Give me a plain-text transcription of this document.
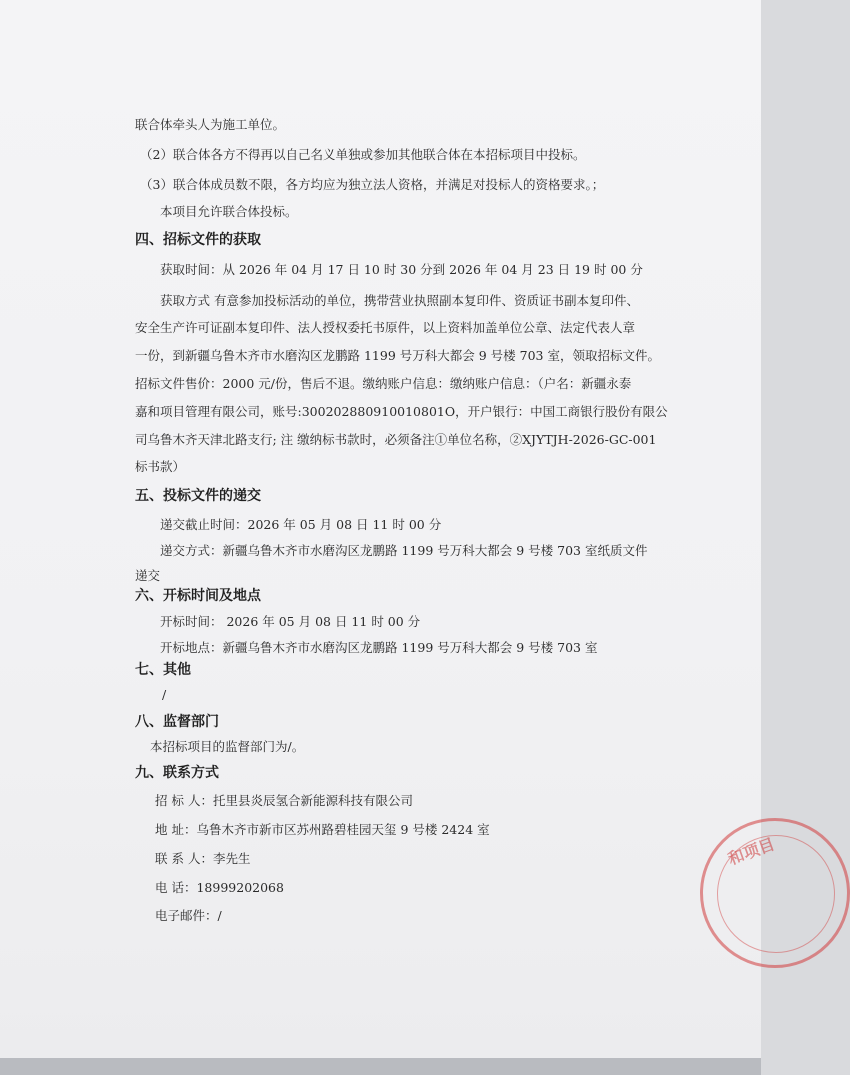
联合体牵头人为施工单位。
（2）联合体各方不得再以自己名义单独或参加其他联合体在本招标项目中投标。
（3）联合体成员数不限，各方均应为独立法人资格，并满足对投标人的资格要求。；
本项目允许联合体投标。
四、招标文件的获取
获取时间：从 2026 年 04 月 17 日 10 时 30 分到 2026 年 04 月 23 日 19 时 00 分
获取方式 有意参加投标活动的单位，携带营业执照副本复印件、资质证书副本复印件、
安全生产许可证副本复印件、法人授权委托书原件，以上资料加盖单位公章、法定代表人章
一份，到新疆乌鲁木齐市水磨沟区龙鹏路 1199 号万科大都会 9 号楼 703 室，领取招标文件。
招标文件售价：2000 元/份，售后不退。缴纳账户信息：缴纳账户信息：（户名：新疆永泰
嘉和项目管理有限公司，账号:300202880910010801O，开户银行：中国工商银行股份有限公
司乌鲁木齐天津北路支行; 注 缴纳标书款时，必须备注①单位名称，②XJYTJH-2026-GC-001
标书款）
五、投标文件的递交
递交截止时间：2026 年 05 月 08 日 11 时 00 分
递交方式：新疆乌鲁木齐市水磨沟区龙鹏路 1199 号万科大都会 9 号楼 703 室纸质文件
递交
六、开标时间及地点
开标时间： 2026 年 05 月 08 日 11 时 00 分
开标地点：新疆乌鲁木齐市水磨沟区龙鹏路 1199 号万科大都会 9 号楼 703 室
七、其他
/
八、监督部门
本招标项目的监督部门为/。
九、联系方式
招 标 人：托里县炎辰氢合新能源科技有限公司
地 址：乌鲁木齐市新市区苏州路碧桂园天玺 9 号楼 2424 室
联 系 人：李先生
电 话：18999202068
电子邮件：/
和项目
